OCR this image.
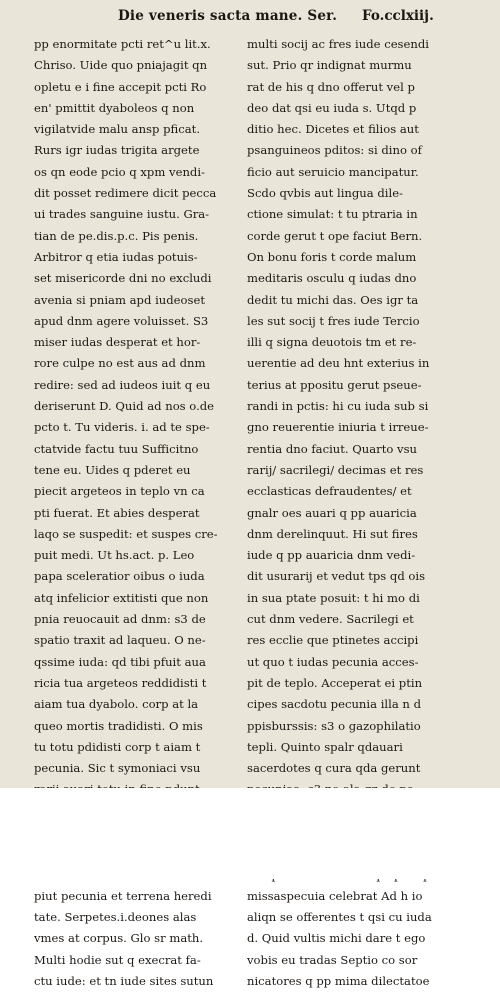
Die veneris sacta mane. Ser. Fo.cclxiij.
pp enormitate pcti ret^u lit.x.
Chriso. Uide quo pniajagit qn
opletu e i fine accepit pcti Ro
en' pmittit dyaboleos q non
vigilatvide malu ansp pficat.
Rurs igr iudas trigita argete
os qn eode pcio q xpm vendi-
dit posset redimere dicit pecca
ui trades sanguine iustu. Gra-
tian de pe.dis.p.c. Pis penis.
Arbitror q etia iudas potuis-
set misericorde dni no excludi
avenia si pniam apd iudeoset
apud dnm agere voluisset. S3
miser iudas desperat et hor-
rore culpe no est aus ad dnm
redire: sed ad iudeos iuit q eu
deriserunt D. Quid ad nos o.de
pcto t. Tu videris. i. ad te spe-
ctatvide factu tuu Sufficitno
tene eu. Uides q pderet eu
piecit argeteos in teplo vn ca
pti fuerat. Et abies desperat
laqo se suspedit: et suspes cre-
puit medi. Ut hs.act. p. Leo
papa sceleratior oibus o iuda
atq infelicior extitisti que non
pnia reuocauit ad dnm: s3 de
spatio traxit ad laqueu. O ne-
qssime iuda: qd tibi pfuit aua
ricia tua argeteos reddidisti t
aiam tua dyabolo. corp at la
queo mortis tradidisti. O mis
tu totu pdidisti corp t aiam t
pecunia. Sic t symoniaci vsu
piut pecunia et terrena heredi
tate. Serpetes.i.deones alas
vmes at corpus. Glo sr math.
Multi hodie sut q execrat fa-
ctu iude: et tn iude sites sutun
multi socij ac fres iude cesendi
sut. Prio qr indignat murmu
rat de his q dno offerut vel p
deo dat qsi eu iuda s. Utqd p
ditio hec. Dicetes et filios aut
psanguineos pditos: si dino of
ficio aut seruicio mancipatur.
Scdo qvbis aut lingua dile-
ctione simulat: t tu ptraria in
corde gerut t ope faciut Bern.
On bonu foris t corde malum
meditaris osculu q iudas dno
dedit tu michi das. Oes igr ta
les sut socij t fres iude Tercio
illi q signa deuotois tm et re-
uerentie ad deu hnt exterius in
terius at ppositu gerut pseue-
randi in pctis: hi cu iuda sub si
gno reuerentie iniuria t irreue-
rentia dno faciut. Quarto vsu
rarij/ sacrilegi/ decimas et res
ecclasticas defraudentes/ et
gnalr oes auari q pp auaricia
dnm derelinquut. Hi sut fires
iude q pp auaricia dnm vedi-
dit usurarij et vedut tps qd ois
in sua ptate posuit: t hi mo di
cut dnm vedere. Sacrilegi et
res ecclie que ptinetes accipi
ut quo t iudas pecunia acces-
pit de teplo. Acceperat ei ptin
cipes sacdotu pecunia illa n d
ppisburssis: s3 o gazophilatio
tepli. Quinto spalr qdauari
sacerdotes q cura qda gerunt
missaspecuia celebrat Ad h io
aliqn se offerentes t qsi cu iuda
d. Quid vultis michi dare t ego
vobis eu tradas Septio co sor
nicatores q pp mima dilectatoe
